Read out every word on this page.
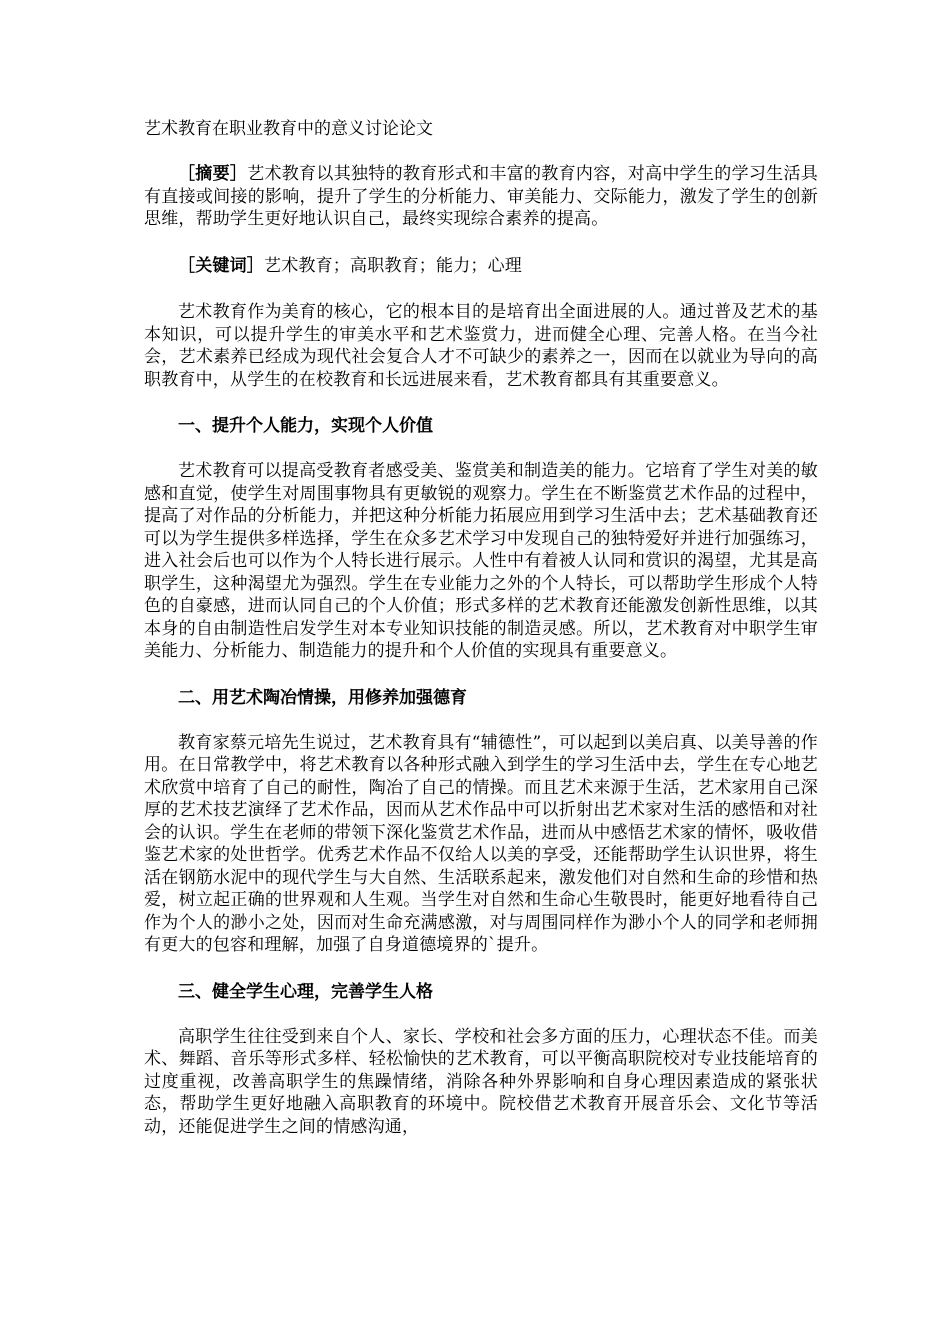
艺术教育在职业教育中的意义讨论论文

［摘要］艺术教育以其独特的教育形式和丰富的教育内容，对高中学生的学习生活具有直接或间接的影响，提升了学生的分析能力、审美能力、交际能力，激发了学生的创新思维，帮助学生更好地认识自己，最终实现综合素养的提高。

［关键词］艺术教育；高职教育；能力；心理

艺术教育作为美育的核心，它的根本目的是培育出全面进展的人。通过普及艺术的基本知识，可以提升学生的审美水平和艺术鉴赏力，进而健全心理、完善人格。在当今社会，艺术素养已经成为现代社会复合人才不可缺少的素养之一，因而在以就业为导向的高职教育中，从学生的在校教育和长远进展来看，艺术教育都具有其重要意义。

一、提升个人能力，实现个人价值

艺术教育可以提高受教育者感受美、鉴赏美和制造美的能力。它培育了学生对美的敏感和直觉，使学生对周围事物具有更敏锐的观察力。学生在不断鉴赏艺术作品的过程中，提高了对作品的分析能力，并把这种分析能力拓展应用到学习生活中去；艺术基础教育还可以为学生提供多样选择，学生在众多艺术学习中发现自己的独特爱好并进行加强练习，进入社会后也可以作为个人特长进行展示。人性中有着被人认同和赏识的渴望，尤其是高职学生，这种渴望尤为强烈。学生在专业能力之外的个人特长，可以帮助学生形成个人特色的自豪感，进而认同自己的个人价值；形式多样的艺术教育还能激发创新性思维，以其本身的自由制造性启发学生对本专业知识技能的制造灵感。所以，艺术教育对中职学生审美能力、分析能力、制造能力的提升和个人价值的实现具有重要意义。

二、用艺术陶冶情操，用修养加强德育

教育家蔡元培先生说过，艺术教育具有“辅德性”，可以起到以美启真、以美导善的作用。在日常教学中，将艺术教育以各种形式融入到学生的学习生活中去，学生在专心地艺术欣赏中培育了自己的耐性，陶冶了自己的情操。而且艺术来源于生活，艺术家用自己深厚的艺术技艺演绎了艺术作品，因而从艺术作品中可以折射出艺术家对生活的感悟和对社会的认识。学生在老师的带领下深化鉴赏艺术作品，进而从中感悟艺术家的情怀，吸收借鉴艺术家的处世哲学。优秀艺术作品不仅给人以美的享受，还能帮助学生认识世界，将生活在钢筋水泥中的现代学生与大自然、生活联系起来，激发他们对自然和生命的珍惜和热爱，树立起正确的世界观和人生观。当学生对自然和生命心生敬畏时，能更好地看待自己作为个人的渺小之处，因而对生命充满感激，对与周围同样作为渺小个人的同学和老师拥有更大的包容和理解，加强了自身道德境界的`提升。

三、健全学生心理，完善学生人格

高职学生往往受到来自个人、家长、学校和社会多方面的压力，心理状态不佳。而美术、舞蹈、音乐等形式多样、轻松愉快的艺术教育，可以平衡高职院校对专业技能培育的过度重视，改善高职学生的焦躁情绪，消除各种外界影响和自身心理因素造成的紧张状态，帮助学生更好地融入高职教育的环境中。院校借艺术教育开展音乐会、文化节等活动，还能促进学生之间的情感沟通，
